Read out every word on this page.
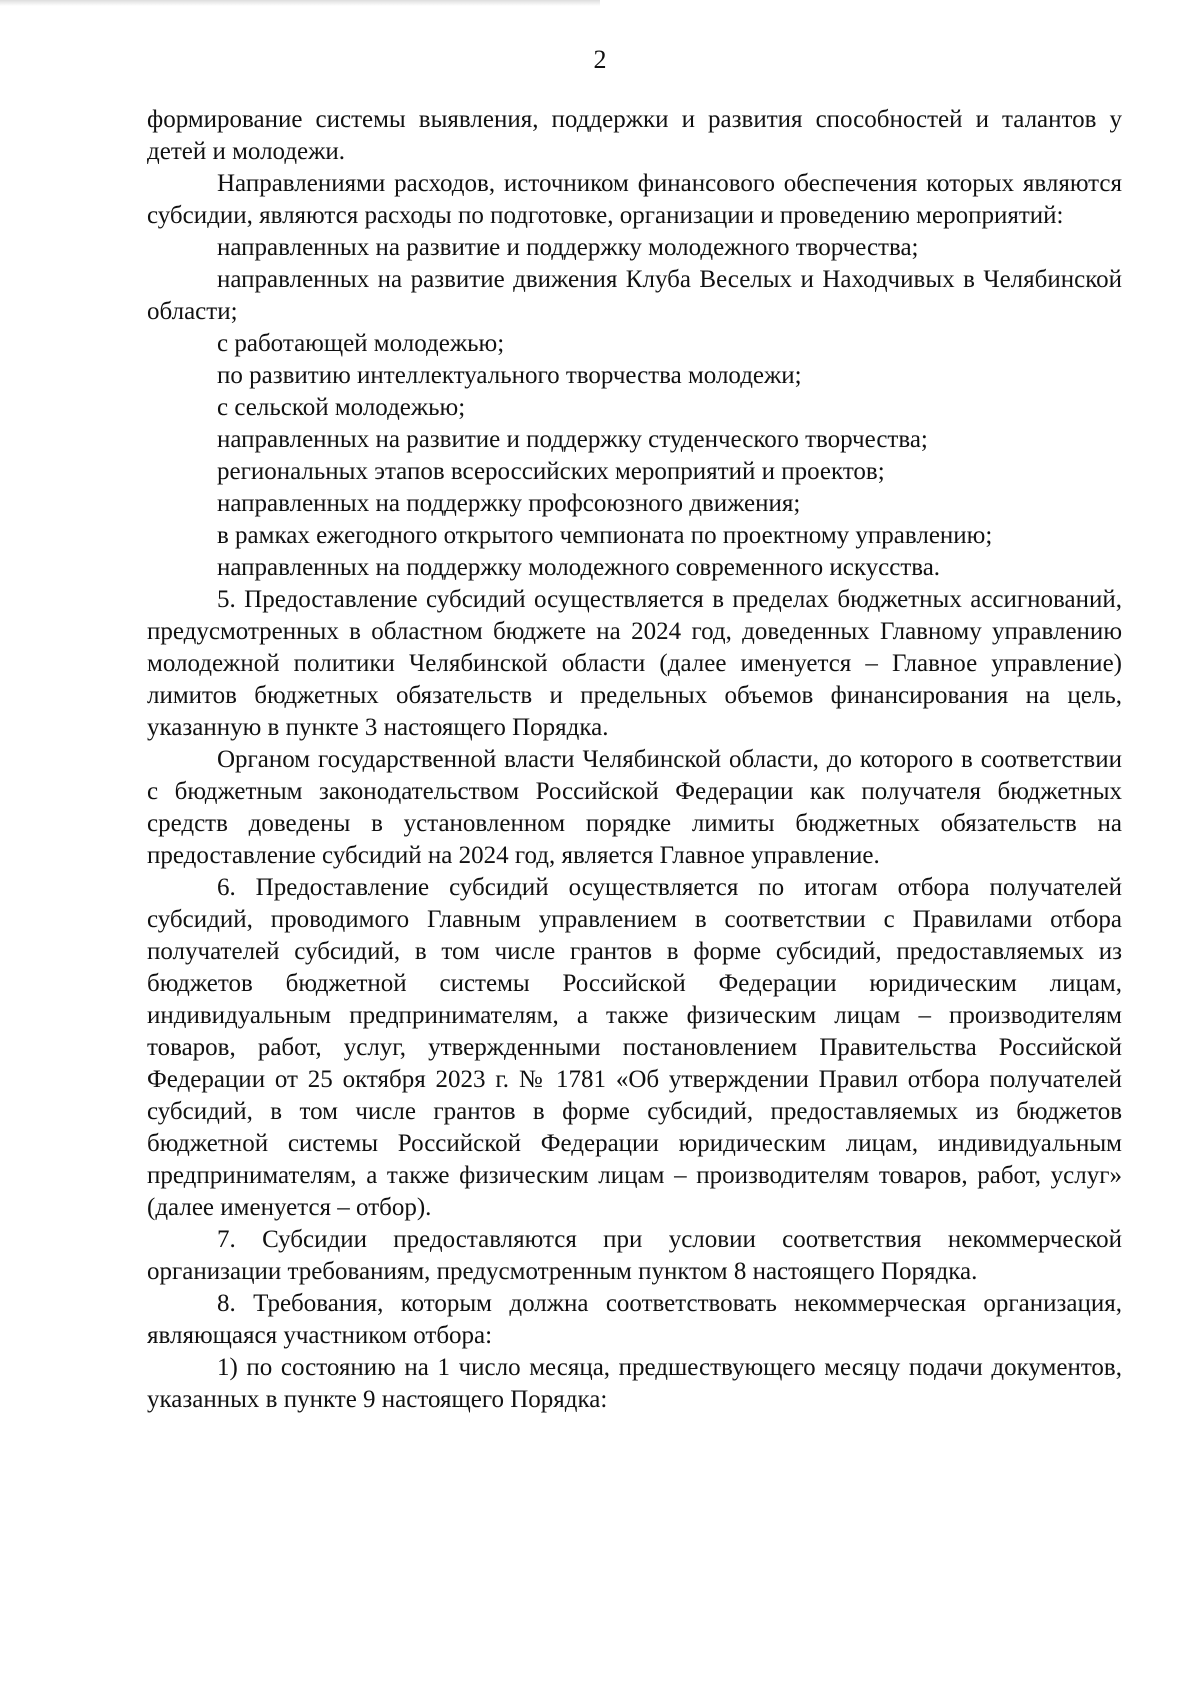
2

формирование системы выявления, поддержки и развития способностей и талантов у детей и молодежи.

Направлениями расходов, источником финансового обеспечения которых являются субсидии, являются расходы по подготовке, организации и проведению мероприятий:

направленных на развитие и поддержку молодежного творчества;

направленных на развитие движения Клуба Веселых и Находчивых в Челябинской области;

с работающей молодежью;

по развитию интеллектуального творчества молодежи;

с сельской молодежью;

направленных на развитие и поддержку студенческого творчества;

региональных этапов всероссийских мероприятий и проектов;

направленных на поддержку профсоюзного движения;

в рамках ежегодного открытого чемпионата по проектному управлению;

направленных на поддержку молодежного современного искусства.

5. Предоставление субсидий осуществляется в пределах бюджетных ассигнований, предусмотренных в областном бюджете на 2024 год, доведенных Главному управлению молодежной политики Челябинской области (далее именуется – Главное управление) лимитов бюджетных обязательств и предельных объемов финансирования на цель, указанную в пункте 3 настоящего Порядка.

Органом государственной власти Челябинской области, до которого в соответствии с бюджетным законодательством Российской Федерации как получателя бюджетных средств доведены в установленном порядке лимиты бюджетных обязательств на предоставление субсидий на 2024 год, является Главное управление.

6. Предоставление субсидий осуществляется по итогам отбора получателей субсидий, проводимого Главным управлением в соответствии с Правилами отбора получателей субсидий, в том числе грантов в форме субсидий, предоставляемых из бюджетов бюджетной системы Российской Федерации юридическим лицам, индивидуальным предпринимателям, а также физическим лицам – производителям товаров, работ, услуг, утвержденными постановлением Правительства Российской Федерации от 25 октября 2023 г. № 1781 «Об утверждении Правил отбора получателей субсидий, в том числе грантов в форме субсидий, предоставляемых из бюджетов бюджетной системы Российской Федерации юридическим лицам, индивидуальным предпринимателям, а также физическим лицам – производителям товаров, работ, услуг» (далее именуется – отбор).

7. Субсидии предоставляются при условии соответствия некоммерческой организации требованиям, предусмотренным пунктом 8 настоящего Порядка.

8. Требования, которым должна соответствовать некоммерческая организация, являющаяся участником отбора:

1) по состоянию на 1 число месяца, предшествующего месяцу подачи документов, указанных в пункте 9 настоящего Порядка:
